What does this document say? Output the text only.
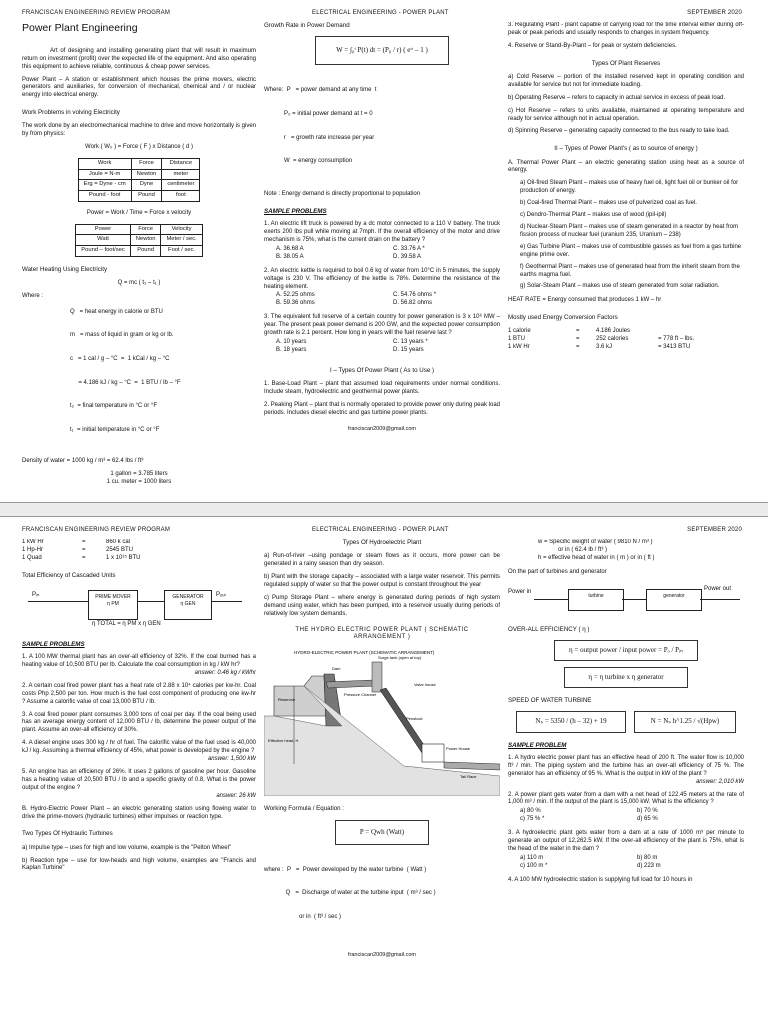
FRANCISCAN ENGINEERING REVIEW PROGRAM	ELECTRICAL ENGINEERING - POWER PLANT	SEPTEMBER 2020
Power Plant Engineering

Art of designing and installing generating plant that will result in maximum return on investment (profit) over the expected life of the equipment. And also operating this equipment to achieve reliable, continuous & cheap power services.

Power Plant – A station or establishment which houses the prime movers, electric generators and auxiliaries, for conversion of mechanical, chemical and / or nuclear energy into electrical energy.

Work Problems in volving Electricity

The work done by an electromechanical machine to drive and move horizontally is given by from physics:

Work ( W₀ ) = Force ( F ) x Distance ( d )

Work	Force	Distance
Joule = N-m	Newton	meter
Erg = Dyne - cm	Dyne	centimeter
Pound - foot	Pound	foot

Power = Work / Time = Force x velocity

Power	Force	Velocity
Watt	Newton	Meter / sec.
Pound – foot/sec	Pound	Foot / sec.
Water Heating Using Electricity

Q = mc ( t₂ – t₁ )

Where :

Q   = heat energy in calorie or BTU

m   = mass of liquid in gram or kg or lb.

c   = 1 cal / g – °C  =  1 kCal / kg – °C

= 4.186 kJ / kg – °C  =  1 BTU / lb – °F

t₂  = final temperature in °C or °F

t₁  = initial temperature in °C or °F

Density of water = 1000 kg / m³ = 62.4 lbs / ft³

1 gallon = 3.785 liters
1 cu. meter = 1000 liters
Growth Rate in Power Demand
W = ∫₀ᵗ P(t) dt = (P₀ / r) ( eʳᵗ – 1 )

Where:  P   = power demand at any time  t

P₀ = initial power demand at t = 0

r   = growth rate increase per year

W  = energy consumption

Note : Energy demand is directly proportional to population

SAMPLE PROBLEMS

1. An electric lift truck is powered by a dc motor connected to a 110 V battery. The truck exerts 200 lbs pull while moving at 7mph. If the overall efficiency of the motor and drive mechanism is 75%, what is the current drain on the battery ?

A. 36.68 A	C. 33.76 A *
B. 38.05 A	D. 39.58 A

2. An electric kettle is required to boil 0.6 kg of water from 10°C in 5 minutes, the supply voltage is 230 V. The efficiency of the kettle is 78%. Determine the resistance of the heating element.

A. 52.25 ohms	C. 54.76 ohms *
B. 59.36 ohms	D. 56.82 ohms

3. The equivalent full reserve of a certain country for power generation is 3 x 10⁶ MW – year. The present peak power demand is 200 GW, and the expected power consumption growth rate is 2.1 percent. How long in years will the fuel reserve last ?

A. 10 years	C. 13 years *
B. 18 years	D. 15 years
I – Types Of Power Plant ( As to Use )

1. Base-Load Plant – plant that assumed load requirements under normal conditions. Include steam, hydroelectric and geothermal power plants.

2. Peaking Plant – plant that is normally operated to provide power only during peak load periods. Includes diesel electric and gas turbine power plants.

franciscan2009@gmail.com

3. Regulating Plant - plant capable of carrying load for the time interval either during off-peak or peak periods and usually responds to changes in system frequency.

4. Reserve or Stand-By-Plant – for peak or system deficiencies.

Types Of Plant Reserves

a) Cold Reserve – portion of the installed reserved kept in operating condition and available for service but not for immediate loading.

b) Operating Reserve – refers to capacity in actual service in excess of peak load.

c) Hot Reserve – refers to units available, maintained at operating temperature and ready for service although not in actual operation.

d) Spinning Reserve – generating capacity connected to the bus ready to take load.

II – Types of Power Plant's ( as to source of energy )

A. Thermal Power Plant – an electric generating station using heat as a source of energy.

a) Oil-fired Steam Plant – makes use of heavy fuel oil, light fuel oil or bunker oil for production of energy.
b) Coal-fired Thermal Plant – makes use of pulverized coal as fuel.
c) Dendro-Thermal Plant – makes use of wood (ipil-ipil)
d) Nuclear-Steam Plant – makes use of steam generated in a reactor by heat from fission process of nuclear fuel (uranium 235, Uranium – 238)
e) Gas Turbine Plant – makes use of combustible gasses as fuel from a gas turbine engine prime over.
f) Geothermal Plant – makes use of generated heat from the inherit steam from the earths magma fuel.
g) Solar-Steam Plant – makes use of steam generated from solar radiation.

HEAT RATE = Energy consumed that produces 1 kW – hr

Mostly used Energy Conversion Factors
1 calorie	=	4.186 Joules
1 BTU	=	252 calories	= 778 ft – lbs.
1 kW Hr	=	3.6 kJ	= 3413 BTU
FRANCISCAN ENGINEERING REVIEW PROGRAM	ELECTRICAL ENGINEERING - POWER PLANT	SEPTEMBER 2020
1 kW Hr	=	860 k cal
1 Hp-Hr	=	2545 BTU
1 Quad	=	1 x 10¹⁵ BTU
Total Efficiency of Cascaded Units
Pᵢₙ	PRIME MOVER
η PM
GENERATOR
η GEN
Pₒᵤₜ
η TOTAL = η PM x η GEN
SAMPLE PROBLEMS

1. A 100 MW thermal plant has an over-all efficiency of 32%. If the coal burned has a heating value of 10,500 BTU per lb. Calculate the coal consumption in kg / kW hr?

answer: 0.46 kg / kWhr

2. A certain coal fired power plant has a heat rate of 2.88 x 10⁴ calories per kw-hr. Coal costs Php 2,500 per ton. How much is the fuel cost component of producing one kw-hr ? Assume a calorific value of coal 13,000 BTU / lb.

3. A coal fired power plant consumes 3,000 tons of coal per day. If the coal being used has an average energy content of 12,000 BTU / lb, determine the power output of the plant. Assume an over-all efficiency of 30%.

4. A diesel engine uses 300 kg / hr of fuel. The calorific value of the fuel used is 40,000 kJ / kg. Assuming a thermal efficiency of 45%, what power is developed by the engine ?

answer: 1,500 kW

5. An engine has an efficiency of 26%. It uses 2 gallons of gasoline per hour. Gasoline has a heating value of 20,500 BTU / lb and a specific gravity of 0.8. What is the power output of the engine ?

answer: 26 kW

B. Hydro-Electric Power Plant – an electric generating station using flowing water to drive the prime-movers (hydraulic turbines) either impulses or reaction type.

Two Types Of Hydraulic Turbines

a) Impulse type – uses for high and low volume, example is the "Pelton Wheel"

b) Reaction type – use for low-heads and high volume, examples are "Francis and Kaplan Turbine"

Types Of Hydroelectric Plant

a) Run-of-river –using pondage or steam flows as it occurs, more power can be generated in a rainy season than dry season.

b) Plant with the storage capacity – associated with a large water reservoir. This permits regulated supply of water so that the power output is constant throughout the year

c) Pump Storage Plant – where energy is generated during periods of high system demand using water, which has been pumped, into a reservoir usually during periods of relatively low system demands.

THE HYDRO ELECTRIC POWER PLANT ( SCHEMATIC ARRANGEMENT )
HYDRO-ELECTRIC POWER PLANT (SCHEMATIC ARRANGEMENT)
Surge tank (open at top)
Dam
Reservoir
Pressure Channel
Penstock
Valve house
Power House
Tail Race
Effective head, H
Working Formula / Equation :
P = Qwh (Watt)

where :  P   =  Power developed by the water turbine  ( Watt )

Q   =  Discharge of water at the turbine input  ( m³ / sec )

or in  ( ft³ / sec )

franciscan2009@gmail.com
w = Specific weight of water ( 9810 N / m³ )
or in ( 62.4 lb / ft³ )
h = effective head of water in ( m ) or in ( ft )
On the part of turbines and generator
Power in
turbine	generator
Power out
OVER-ALL EFFICIENCY ( η )
η = output power / input power = Pₒ / Pᵢₙ
η = η turbine x η generator
SPEED OF WATER TURBINE
Nₛ = 5350 / (h – 32) + 19	N = Nₛ h^1.25 / √(Hpw)
SAMPLE PROBLEM

1. A hydro electric power plant has an effective head of 200 ft. The water flow is 10,000 ft³ / min. The piping system and the turbine has an over-all efficiency of 75 %. The generator has an efficiency of 95 %. What is the output in kW of the plant ?

answer: 2,010 kW

2. A power plant gets water from a dam with a net head of 122.45 meters at the rate of 1,000 m³ / min. If the output of the plant is 15,000 kW. What is the efficiency ?

a) 80 %	b) 70 %
c) 75 % *	d) 65 %

3. A hydroelectric plant gets water from a dam at a rate of 1000 m³ per minute to generate an output of 12,262.5 kW. If the over-all efficiency of the plant is 75%, what is the head of the water in the dam ?

a) 110 m	b) 80 m
c) 100 m *	d) 223 m

4. A 100 MW hydroelectric station is supplying full load for 10 hours in
